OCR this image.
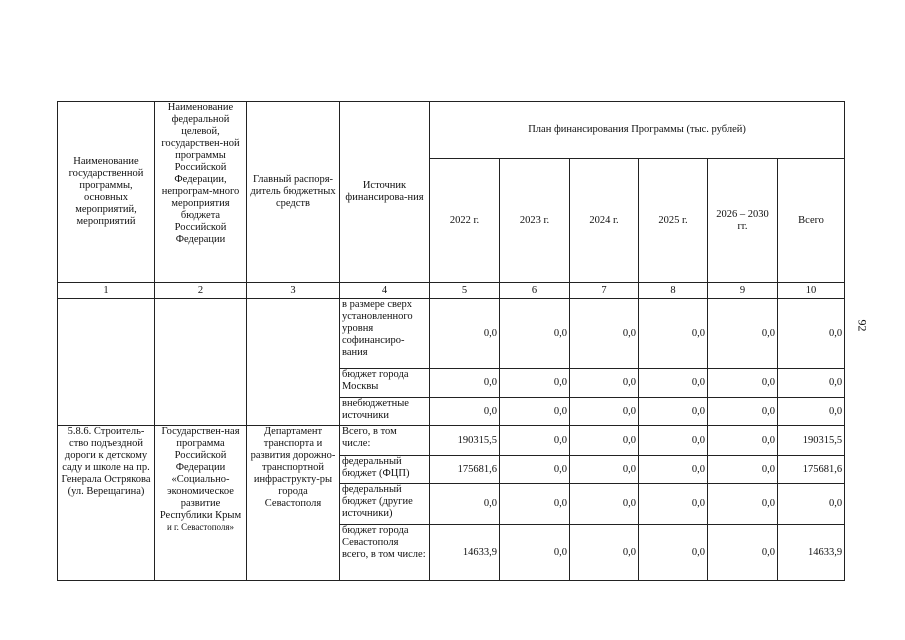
Наименование государственной программы, основных мероприятий, мероприятий	Наименование федеральной целевой, государствен-ной программы Российской Федерации, непрограм-много мероприятия бюджета Российской Федерации	Главный распоря-дитель бюджетных средств	Источник финансирова-ния	План финансирования Программы (тыс. рублей)					
				2022 г.	2023 г.	2024 г.	2025 г.	2026 – 2030 гг.	Всего
1	2	3	4	5	6	7	8	9	10
			в размере сверх установленного уровня софинансиро-вания	0,0	0,0	0,0	0,0	0,0	0,0
			бюджет города Москвы	0,0	0,0	0,0	0,0	0,0	0,0
			внебюджетные источники	0,0	0,0	0,0	0,0	0,0	0,0
5.8.6. Строитель-ство подъездной дороги к детскому саду и школе на пр. Генерала Острякова (ул. Верещагина)	Государствен-ная программа Российской Федерации «Социально-экономическое развитие Республики Крым
и г. Севастополя»	Департамент транспорта и развития дорожно-транспортной инфраструкту-ры города Севастополя	Всего, в том числе:	190315,5	0,0	0,0	0,0	0,0	190315,5
			федеральный бюджет (ФЦП)	175681,6	0,0	0,0	0,0	0,0	175681,6
			федеральный бюджет (другие источники)	0,0	0,0	0,0	0,0	0,0	0,0
			бюджет города Севастополя всего, в том числе:	14633,9	0,0	0,0	0,0	0,0	14633,9
92
